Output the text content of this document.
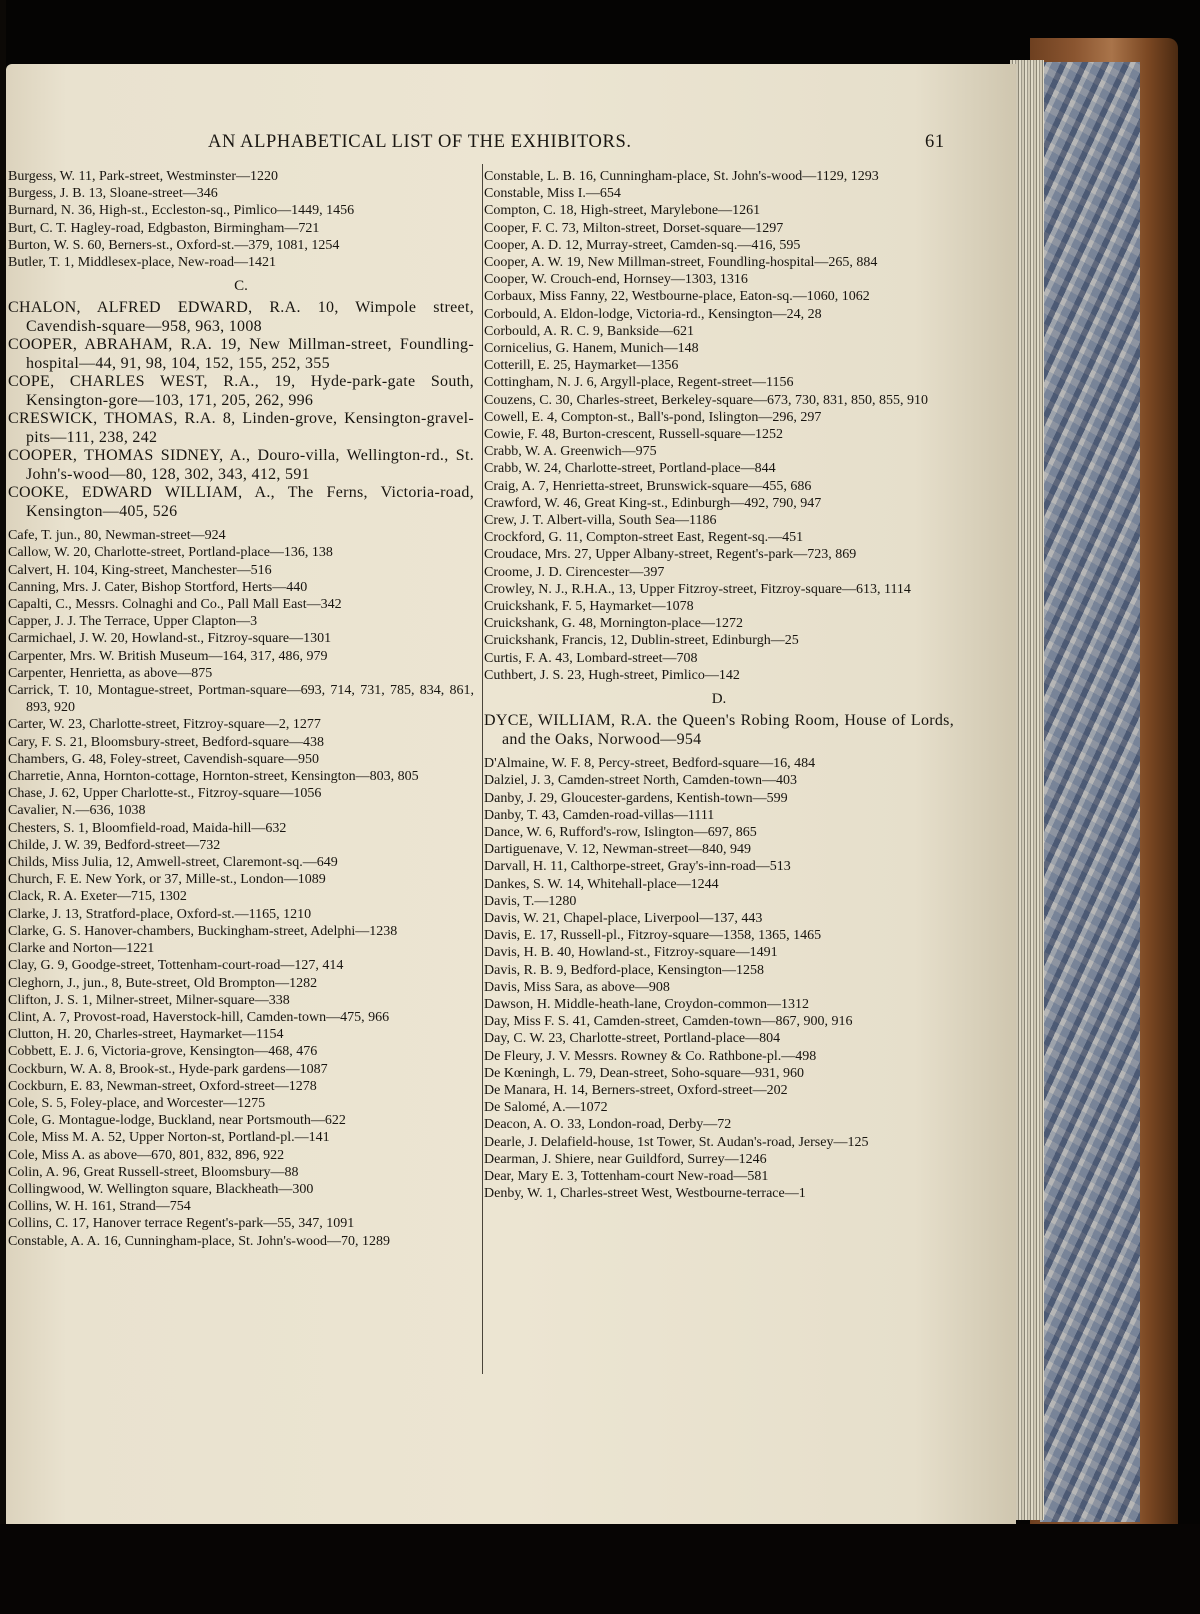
AN ALPHABETICAL LIST OF THE EXHIBITORS.	61
Burgess, W. 11, Park-street, Westminster—1220
Burgess, J. B. 13, Sloane-street—346
Burnard, N. 36, High-st., Eccleston-sq., Pimlico—1449, 1456
Burt, C. T. Hagley-road, Edgbaston, Birmingham—721
Burton, W. S. 60, Berners-st., Oxford-st.—379, 1081, 1254
Butler, T. 1, Middlesex-place, New-road—1421
C.
CHALON, ALFRED EDWARD, R.A. 10, Wimpole street, Cavendish-square—958, 963, 1008
COOPER, ABRAHAM, R.A. 19, New Millman-street, Foundling-hospital—44, 91, 98, 104, 152, 155, 252, 355
COPE, CHARLES WEST, R.A., 19, Hyde-park-gate South, Kensington-gore—103, 171, 205, 262, 996
CRESWICK, THOMAS, R.A. 8, Linden-grove, Kensington-gravel-pits—111, 238, 242
COOPER, THOMAS SIDNEY, A., Douro-villa, Wellington-rd., St. John's-wood—80, 128, 302, 343, 412, 591
COOKE, EDWARD WILLIAM, A., The Ferns, Victoria-road, Kensington—405, 526
Cafe, T. jun., 80, Newman-street—924
Callow, W. 20, Charlotte-street, Portland-place—136, 138
Calvert, H. 104, King-street, Manchester—516
Canning, Mrs. J. Cater, Bishop Stortford, Herts—440
Capalti, C., Messrs. Colnaghi and Co., Pall Mall East—342
Capper, J. J. The Terrace, Upper Clapton—3
Carmichael, J. W. 20, Howland-st., Fitzroy-square—1301
Carpenter, Mrs. W. British Museum—164, 317, 486, 979
Carpenter, Henrietta, as above—875
Carrick, T. 10, Montague-street, Portman-square—693, 714, 731, 785, 834, 861, 893, 920
Carter, W. 23, Charlotte-street, Fitzroy-square—2, 1277
Cary, F. S. 21, Bloomsbury-street, Bedford-square—438
Chambers, G. 48, Foley-street, Cavendish-square—950
Charretie, Anna, Hornton-cottage, Hornton-street, Kensington—803, 805
Chase, J. 62, Upper Charlotte-st., Fitzroy-square—1056
Cavalier, N.—636, 1038
Chesters, S. 1, Bloomfield-road, Maida-hill—632
Childe, J. W. 39, Bedford-street—732
Childs, Miss Julia, 12, Amwell-street, Claremont-sq.—649
Church, F. E. New York, or 37, Mille-st., London—1089
Clack, R. A. Exeter—715, 1302
Clarke, J. 13, Stratford-place, Oxford-st.—1165, 1210
Clarke, G. S. Hanover-chambers, Buckingham-street, Adelphi—1238
Clarke and Norton—1221
Clay, G. 9, Goodge-street, Tottenham-court-road—127, 414
Cleghorn, J., jun., 8, Bute-street, Old Brompton—1282
Clifton, J. S. 1, Milner-street, Milner-square—338
Clint, A. 7, Provost-road, Haverstock-hill, Camden-town—475, 966
Clutton, H. 20, Charles-street, Haymarket—1154
Cobbett, E. J. 6, Victoria-grove, Kensington—468, 476
Cockburn, W. A. 8, Brook-st., Hyde-park gardens—1087
Cockburn, E. 83, Newman-street, Oxford-street—1278
Cole, S. 5, Foley-place, and Worcester—1275
Cole, G. Montague-lodge, Buckland, near Portsmouth—622
Cole, Miss M. A. 52, Upper Norton-st, Portland-pl.—141
Cole, Miss A. as above—670, 801, 832, 896, 922
Colin, A. 96, Great Russell-street, Bloomsbury—88
Collingwood, W. Wellington square, Blackheath—300
Collins, W. H. 161, Strand—754
Collins, C. 17, Hanover terrace Regent's-park—55, 347, 1091
Constable, A. A. 16, Cunningham-place, St. John's-wood—70, 1289
Constable, L. B. 16, Cunningham-place, St. John's-wood—1129, 1293
Constable, Miss I.—654
Compton, C. 18, High-street, Marylebone—1261
Cooper, F. C. 73, Milton-street, Dorset-square—1297
Cooper, A. D. 12, Murray-street, Camden-sq.—416, 595
Cooper, A. W. 19, New Millman-street, Foundling-hospital—265, 884
Cooper, W. Crouch-end, Hornsey—1303, 1316
Corbaux, Miss Fanny, 22, Westbourne-place, Eaton-sq.—1060, 1062
Corbould, A. Eldon-lodge, Victoria-rd., Kensington—24, 28
Corbould, A. R. C. 9, Bankside—621
Cornicelius, G. Hanem, Munich—148
Cotterill, E. 25, Haymarket—1356
Cottingham, N. J. 6, Argyll-place, Regent-street—1156
Couzens, C. 30, Charles-street, Berkeley-square—673, 730, 831, 850, 855, 910
Cowell, E. 4, Compton-st., Ball's-pond, Islington—296, 297
Cowie, F. 48, Burton-crescent, Russell-square—1252
Crabb, W. A. Greenwich—975
Crabb, W. 24, Charlotte-street, Portland-place—844
Craig, A. 7, Henrietta-street, Brunswick-square—455, 686
Crawford, W. 46, Great King-st., Edinburgh—492, 790, 947
Crew, J. T. Albert-villa, South Sea—1186
Crockford, G. 11, Compton-street East, Regent-sq.—451
Croudace, Mrs. 27, Upper Albany-street, Regent's-park—723, 869
Croome, J. D. Cirencester—397
Crowley, N. J., R.H.A., 13, Upper Fitzroy-street, Fitzroy-square—613, 1114
Cruickshank, F. 5, Haymarket—1078
Cruickshank, G. 48, Mornington-place—1272
Cruickshank, Francis, 12, Dublin-street, Edinburgh—25
Curtis, F. A. 43, Lombard-street—708
Cuthbert, J. S. 23, Hugh-street, Pimlico—142
D.
DYCE, WILLIAM, R.A. the Queen's Robing Room, House of Lords, and the Oaks, Norwood—954
D'Almaine, W. F. 8, Percy-street, Bedford-square—16, 484
Dalziel, J. 3, Camden-street North, Camden-town—403
Danby, J. 29, Gloucester-gardens, Kentish-town—599
Danby, T. 43, Camden-road-villas—1111
Dance, W. 6, Rufford's-row, Islington—697, 865
Dartiguenave, V. 12, Newman-street—840, 949
Darvall, H. 11, Calthorpe-street, Gray's-inn-road—513
Dankes, S. W. 14, Whitehall-place—1244
Davis, T.—1280
Davis, W. 21, Chapel-place, Liverpool—137, 443
Davis, E. 17, Russell-pl., Fitzroy-square—1358, 1365, 1465
Davis, H. B. 40, Howland-st., Fitzroy-square—1491
Davis, R. B. 9, Bedford-place, Kensington—1258
Davis, Miss Sara, as above—908
Dawson, H. Middle-heath-lane, Croydon-common—1312
Day, Miss F. S. 41, Camden-street, Camden-town—867, 900, 916
Day, C. W. 23, Charlotte-street, Portland-place—804
De Fleury, J. V. Messrs. Rowney & Co. Rathbone-pl.—498
De Kœningh, L. 79, Dean-street, Soho-square—931, 960
De Manara, H. 14, Berners-street, Oxford-street—202
De Salomé, A.—1072
Deacon, A. O. 33, London-road, Derby—72
Dearle, J. Delafield-house, 1st Tower, St. Audan's-road, Jersey—125
Dearman, J. Shiere, near Guildford, Surrey—1246
Dear, Mary E. 3, Tottenham-court New-road—581
Denby, W. 1, Charles-street West, Westbourne-terrace—1
